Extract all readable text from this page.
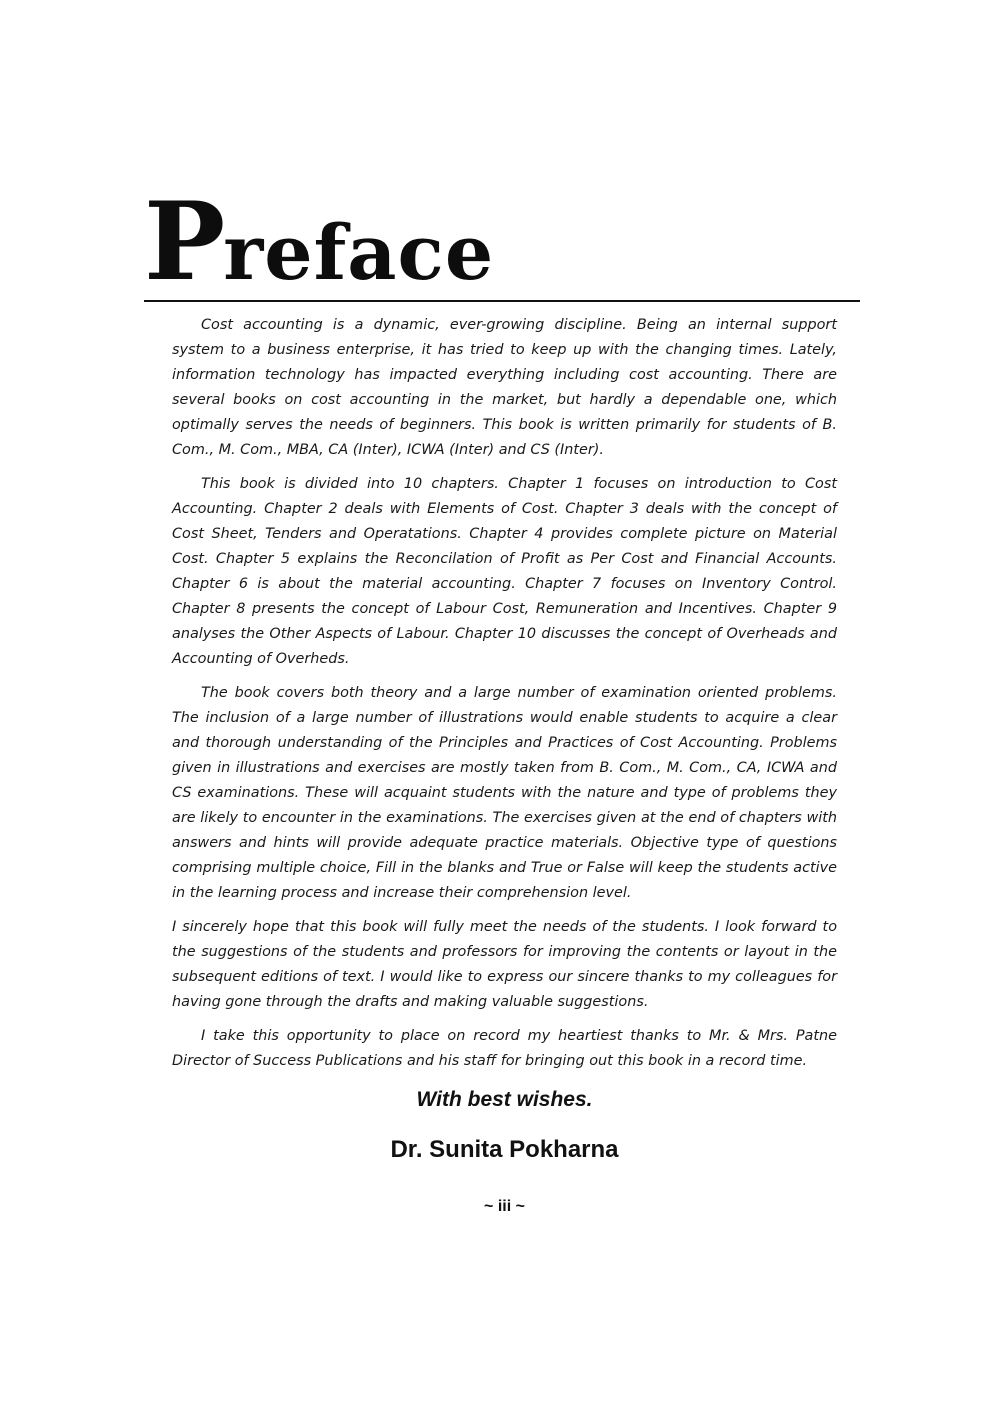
Preface

Cost accounting is a dynamic, ever-growing discipline. Being an internal support system to a business enterprise, it has tried to keep up with the changing times. Lately, information technology has impacted everything including cost accounting. There are several books on cost accounting in the market, but hardly a dependable one, which optimally serves the needs of beginners. This book is written primarily for students of B. Com., M. Com., MBA, CA (Inter), ICWA (Inter) and CS (Inter).

This book is divided into 10 chapters. Chapter 1 focuses on introduction to Cost Accounting. Chapter 2 deals with Elements of Cost. Chapter 3 deals with the concept of Cost Sheet, Tenders and Operatations. Chapter 4 provides complete picture on Material Cost. Chapter 5 explains the Reconcilation of Profit as Per Cost and Financial Accounts. Chapter 6 is about the material accounting. Chapter 7 focuses on Inventory Control. Chapter 8 presents the concept of Labour Cost, Remuneration and Incentives. Chapter 9 analyses the Other Aspects of Labour. Chapter 10 discusses the concept of Overheads and Accounting of Overheds.

The book covers both theory and a large number of examination oriented problems. The inclusion of a large number of illustrations would enable students to acquire a clear and thorough understanding of the Principles and Practices of Cost Accounting. Problems given in illustrations and exercises are mostly taken from B. Com., M. Com., CA, ICWA and CS examinations. These will acquaint students with the nature and type of problems they are likely to encounter in the examinations. The exercises given at the end of chapters with answers and hints will provide adequate practice materials. Objective type of questions comprising multiple choice, Fill in the blanks and True or False will keep the students active in the learning process and increase their comprehension level.

I sincerely hope that this book will fully meet the needs of the students. I look forward to the suggestions of the students and professors for improving the contents or layout in the subsequent editions of text. I would like to express our sincere thanks to my colleagues for having gone through the drafts and making valuable suggestions.

I take this opportunity to place on record my heartiest thanks to Mr. & Mrs. Patne Director of Success Publications and his staff for bringing out this book in a record time.

With best wishes.
Dr. Sunita Pokharna
~ iii ~
